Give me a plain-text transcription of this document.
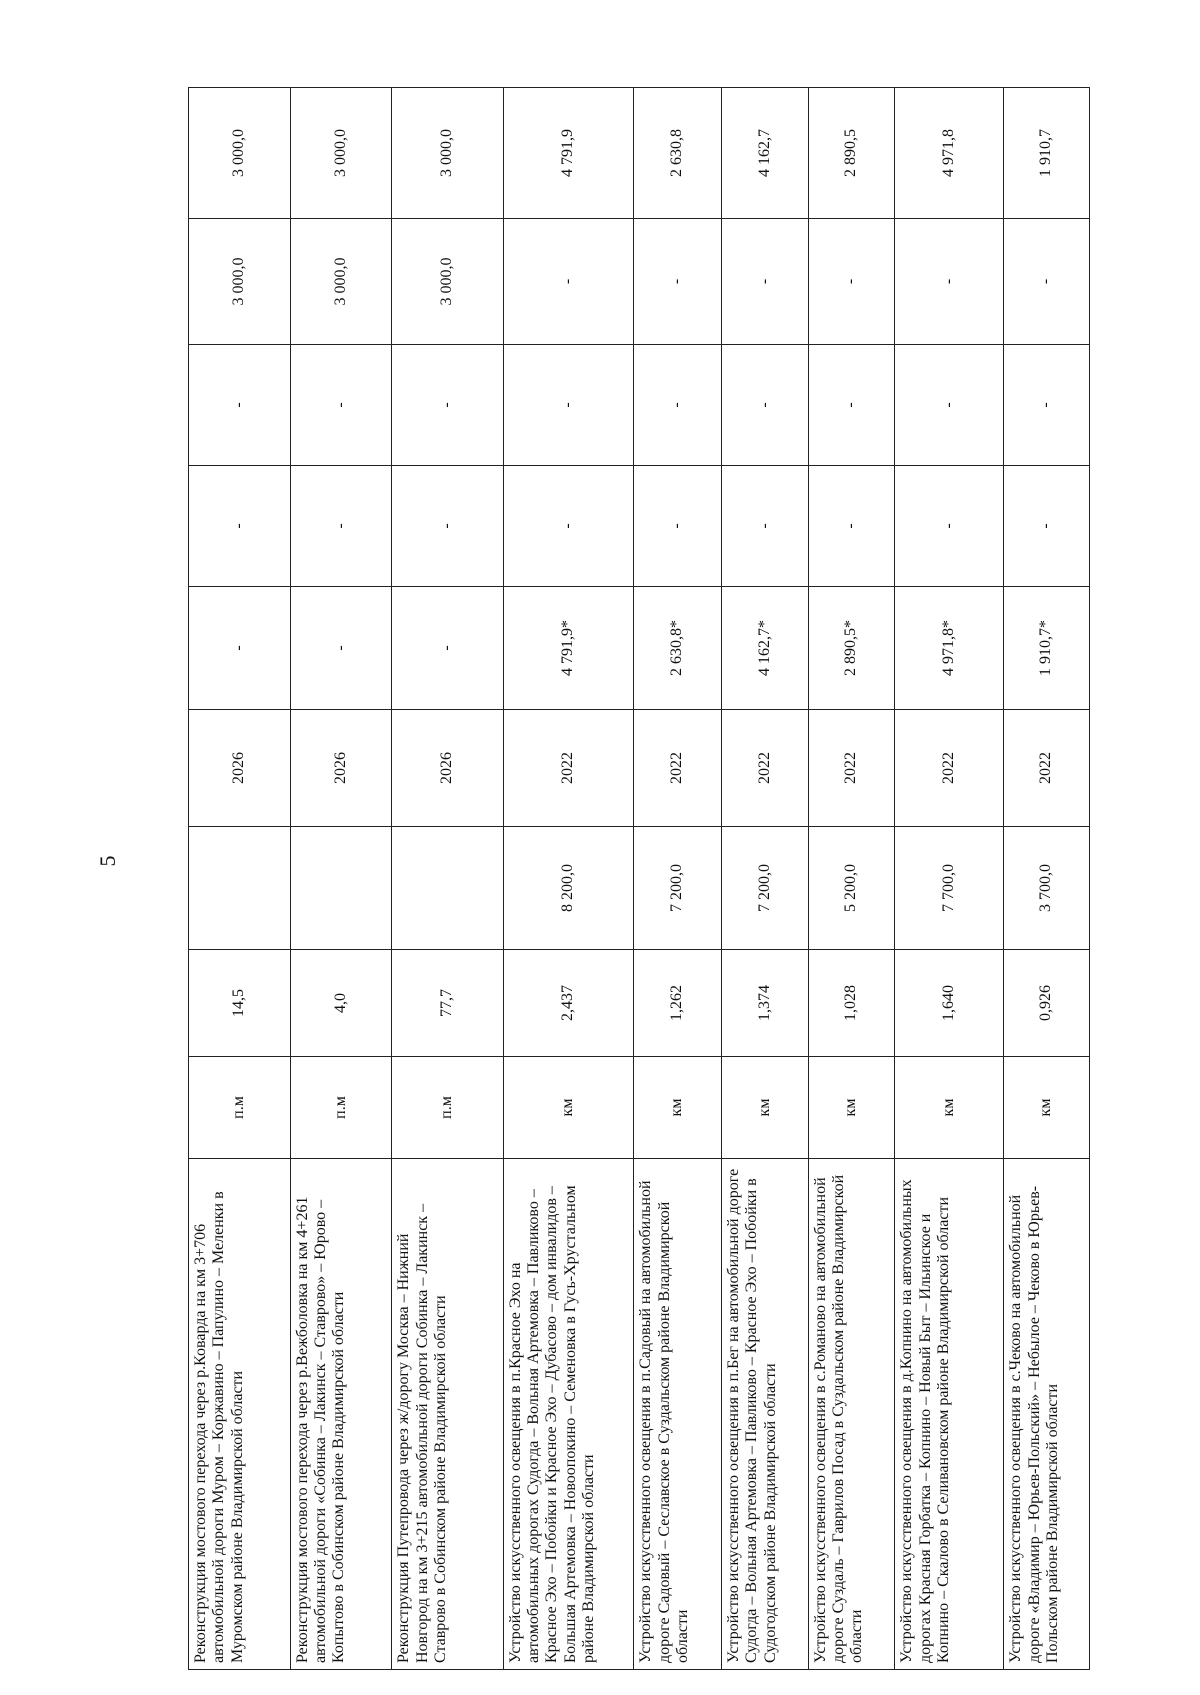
5
Реконструкция мостового перехода через р.Коварда на км 3+706 автомобильной дороги Муром – Коржавино – Папулино – Меленки в Муромском районе Владимирской области	п.м	14,5		2026	-	-	-	3 000,0	3 000,0
Реконструкция мостового перехода через р.Вежболовка на км 4+261 автомобильной дороги «Собинка – Лакинск – Ставрово» – Юрово – Копытово в Собинском районе Владимирской области	п.м	4,0		2026	-	-	-	3 000,0	3 000,0
Реконструкция Путепровода через ж/дорогу Москва – Нижний Новгород на км 3+215 автомобильной дороги Собинка – Лакинск – Ставрово в Собинском районе Владимирской области	п.м	77,7		2026	-	-	-	3 000,0	3 000,0
Устройство искусственного освещения в п.Красное Эхо на автомобильных дорогах Судогда – Вольная Артемовка – Павликово – Красное Эхо – Побойки и Красное Эхо – Дубасово – дом инвалидов – Большая Артемовка – Новоопокино – Семеновка в Гусь-Хрустальном районе Владимирской области	км	2,437	8 200,0	2022	4 791,9*	-	-	-	4 791,9
Устройство искусственного освещения в п.Садовый на автомобильной дороге Садовый – Сеславское в Суздальском районе Владимирской области	км	1,262	7 200,0	2022	2 630,8*	-	-	-	2 630,8
Устройство искусственного освещения в п.Бег на автомобильной дороге Судогда – Вольная Артемовка – Павликово – Красное Эхо – Побойки в Судогодском районе Владимирской области	км	1,374	7 200,0	2022	4 162,7*	-	-	-	4 162,7
Устройство искусственного освещения в с.Романово на автомобильной дороге Суздаль – Гаврилов Посад в Суздальском районе Владимирской области	км	1,028	5 200,0	2022	2 890,5*	-	-	-	2 890,5
Устройство искусственного освещения в д.Копнино на автомобильных дорогах Красная Горбатка – Копнино – Новый Быт – Ильинское и Копнино – Скалово в Селивановском районе Владимирской области	км	1,640	7 700,0	2022	4 971,8*	-	-	-	4 971,8
Устройство искусственного освещения в с.Чеково на автомобильной дороге «Владимир – Юрьев-Польский» – Небылое – Чеково в Юрьев-Польском районе Владимирской области	км	0,926	3 700,0	2022	1 910,7*	-	-	-	1 910,7
